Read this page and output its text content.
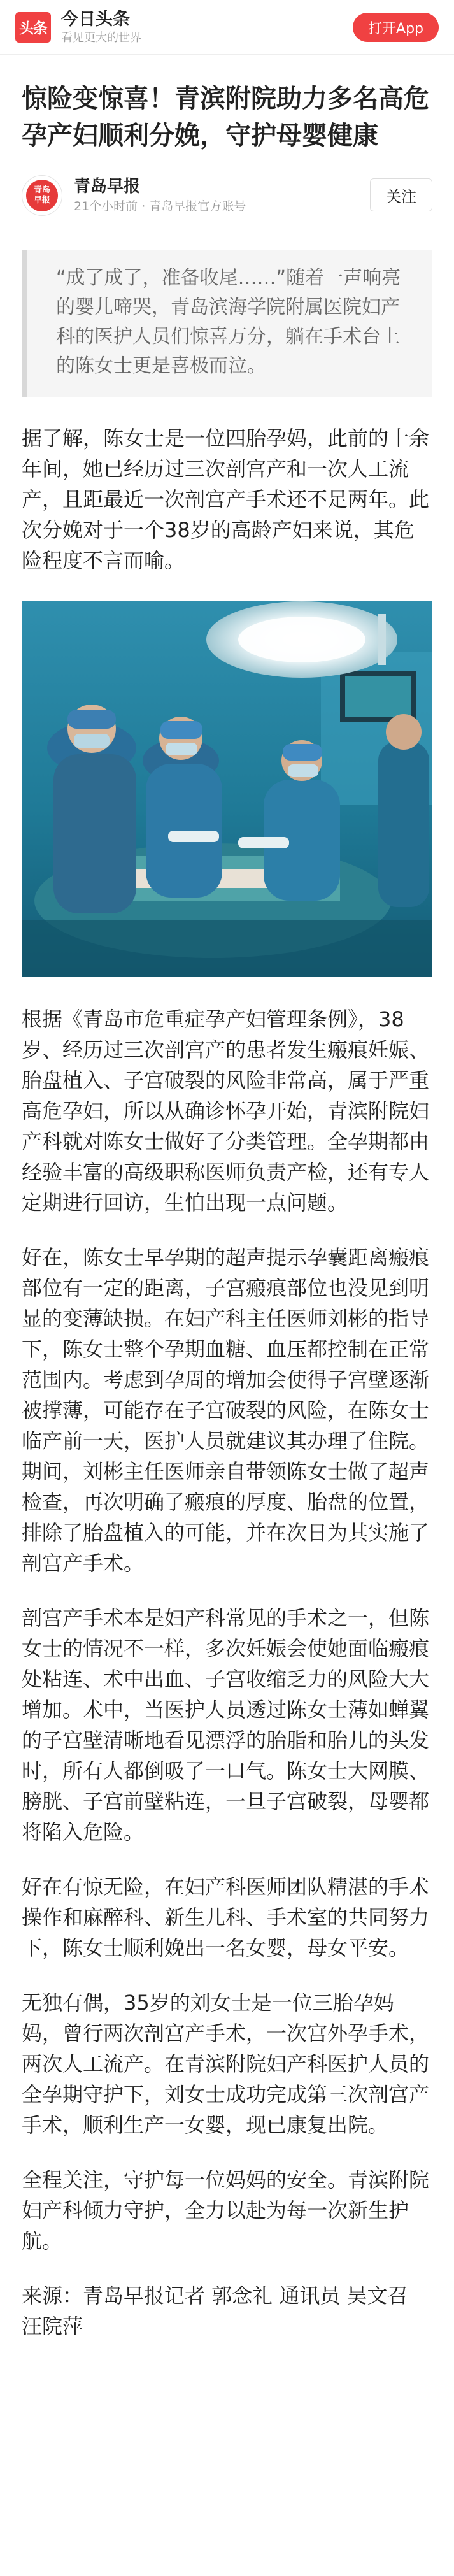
头条 今日头条
看见更大的世界
打开App
惊险变惊喜！青滨附院助力多名高危孕产妇顺利分娩，守护母婴健康
青岛
早报
青岛早报
21个小时前 · 青岛早报官方账号
关注
“成了成了，准备收尾……”随着一声响亮的婴儿啼哭，青岛滨海学院附属医院妇产科的医护人员们惊喜万分，躺在手术台上的陈女士更是喜极而泣。

据了解，陈女士是一位四胎孕妈，此前的十余年间，她已经历过三次剖宫产和一次人工流产，且距最近一次剖宫产手术还不足两年。此次分娩对于一个38岁的高龄产妇来说，其危险程度不言而喻。

根据《青岛市危重症孕产妇管理条例》，38岁、经历过三次剖宫产的患者发生瘢痕妊娠、胎盘植入、子宫破裂的风险非常高，属于严重高危孕妇，所以从确诊怀孕开始，青滨附院妇产科就对陈女士做好了分类管理。全孕期都由经验丰富的高级职称医师负责产检，还有专人定期进行回访，生怕出现一点问题。

好在，陈女士早孕期的超声提示孕囊距离瘢痕部位有一定的距离，子宫瘢痕部位也没见到明显的变薄缺损。在妇产科主任医师刘彬的指导下，陈女士整个孕期血糖、血压都控制在正常范围内。考虑到孕周的增加会使得子宫壁逐渐被撑薄，可能存在子宫破裂的风险，在陈女士临产前一天，医护人员就建议其办理了住院。期间，刘彬主任医师亲自带领陈女士做了超声检查，再次明确了瘢痕的厚度、胎盘的位置，排除了胎盘植入的可能，并在次日为其实施了剖宫产手术。

剖宫产手术本是妇产科常见的手术之一，但陈女士的情况不一样，多次妊娠会使她面临瘢痕处粘连、术中出血、子宫收缩乏力的风险大大增加。术中，当医护人员透过陈女士薄如蝉翼的子宫壁清晰地看见漂浮的胎脂和胎儿的头发时，所有人都倒吸了一口气。陈女士大网膜、膀胱、子宫前壁粘连，一旦子宫破裂，母婴都将陷入危险。

好在有惊无险，在妇产科医师团队精湛的手术操作和麻醉科、新生儿科、手术室的共同努力下，陈女士顺利娩出一名女婴，母女平安。

无独有偶，35岁的刘女士是一位三胎孕妈妈，曾行两次剖宫产手术，一次宫外孕手术，两次人工流产。在青滨附院妇产科医护人员的全孕期守护下，刘女士成功完成第三次剖宫产手术，顺利生产一女婴，现已康复出院。

全程关注，守护每一位妈妈的安全。青滨附院妇产科倾力守护，全力以赴为每一次新生护航。

来源：青岛早报记者 郭念礼 通讯员 吴文召 汪院萍
